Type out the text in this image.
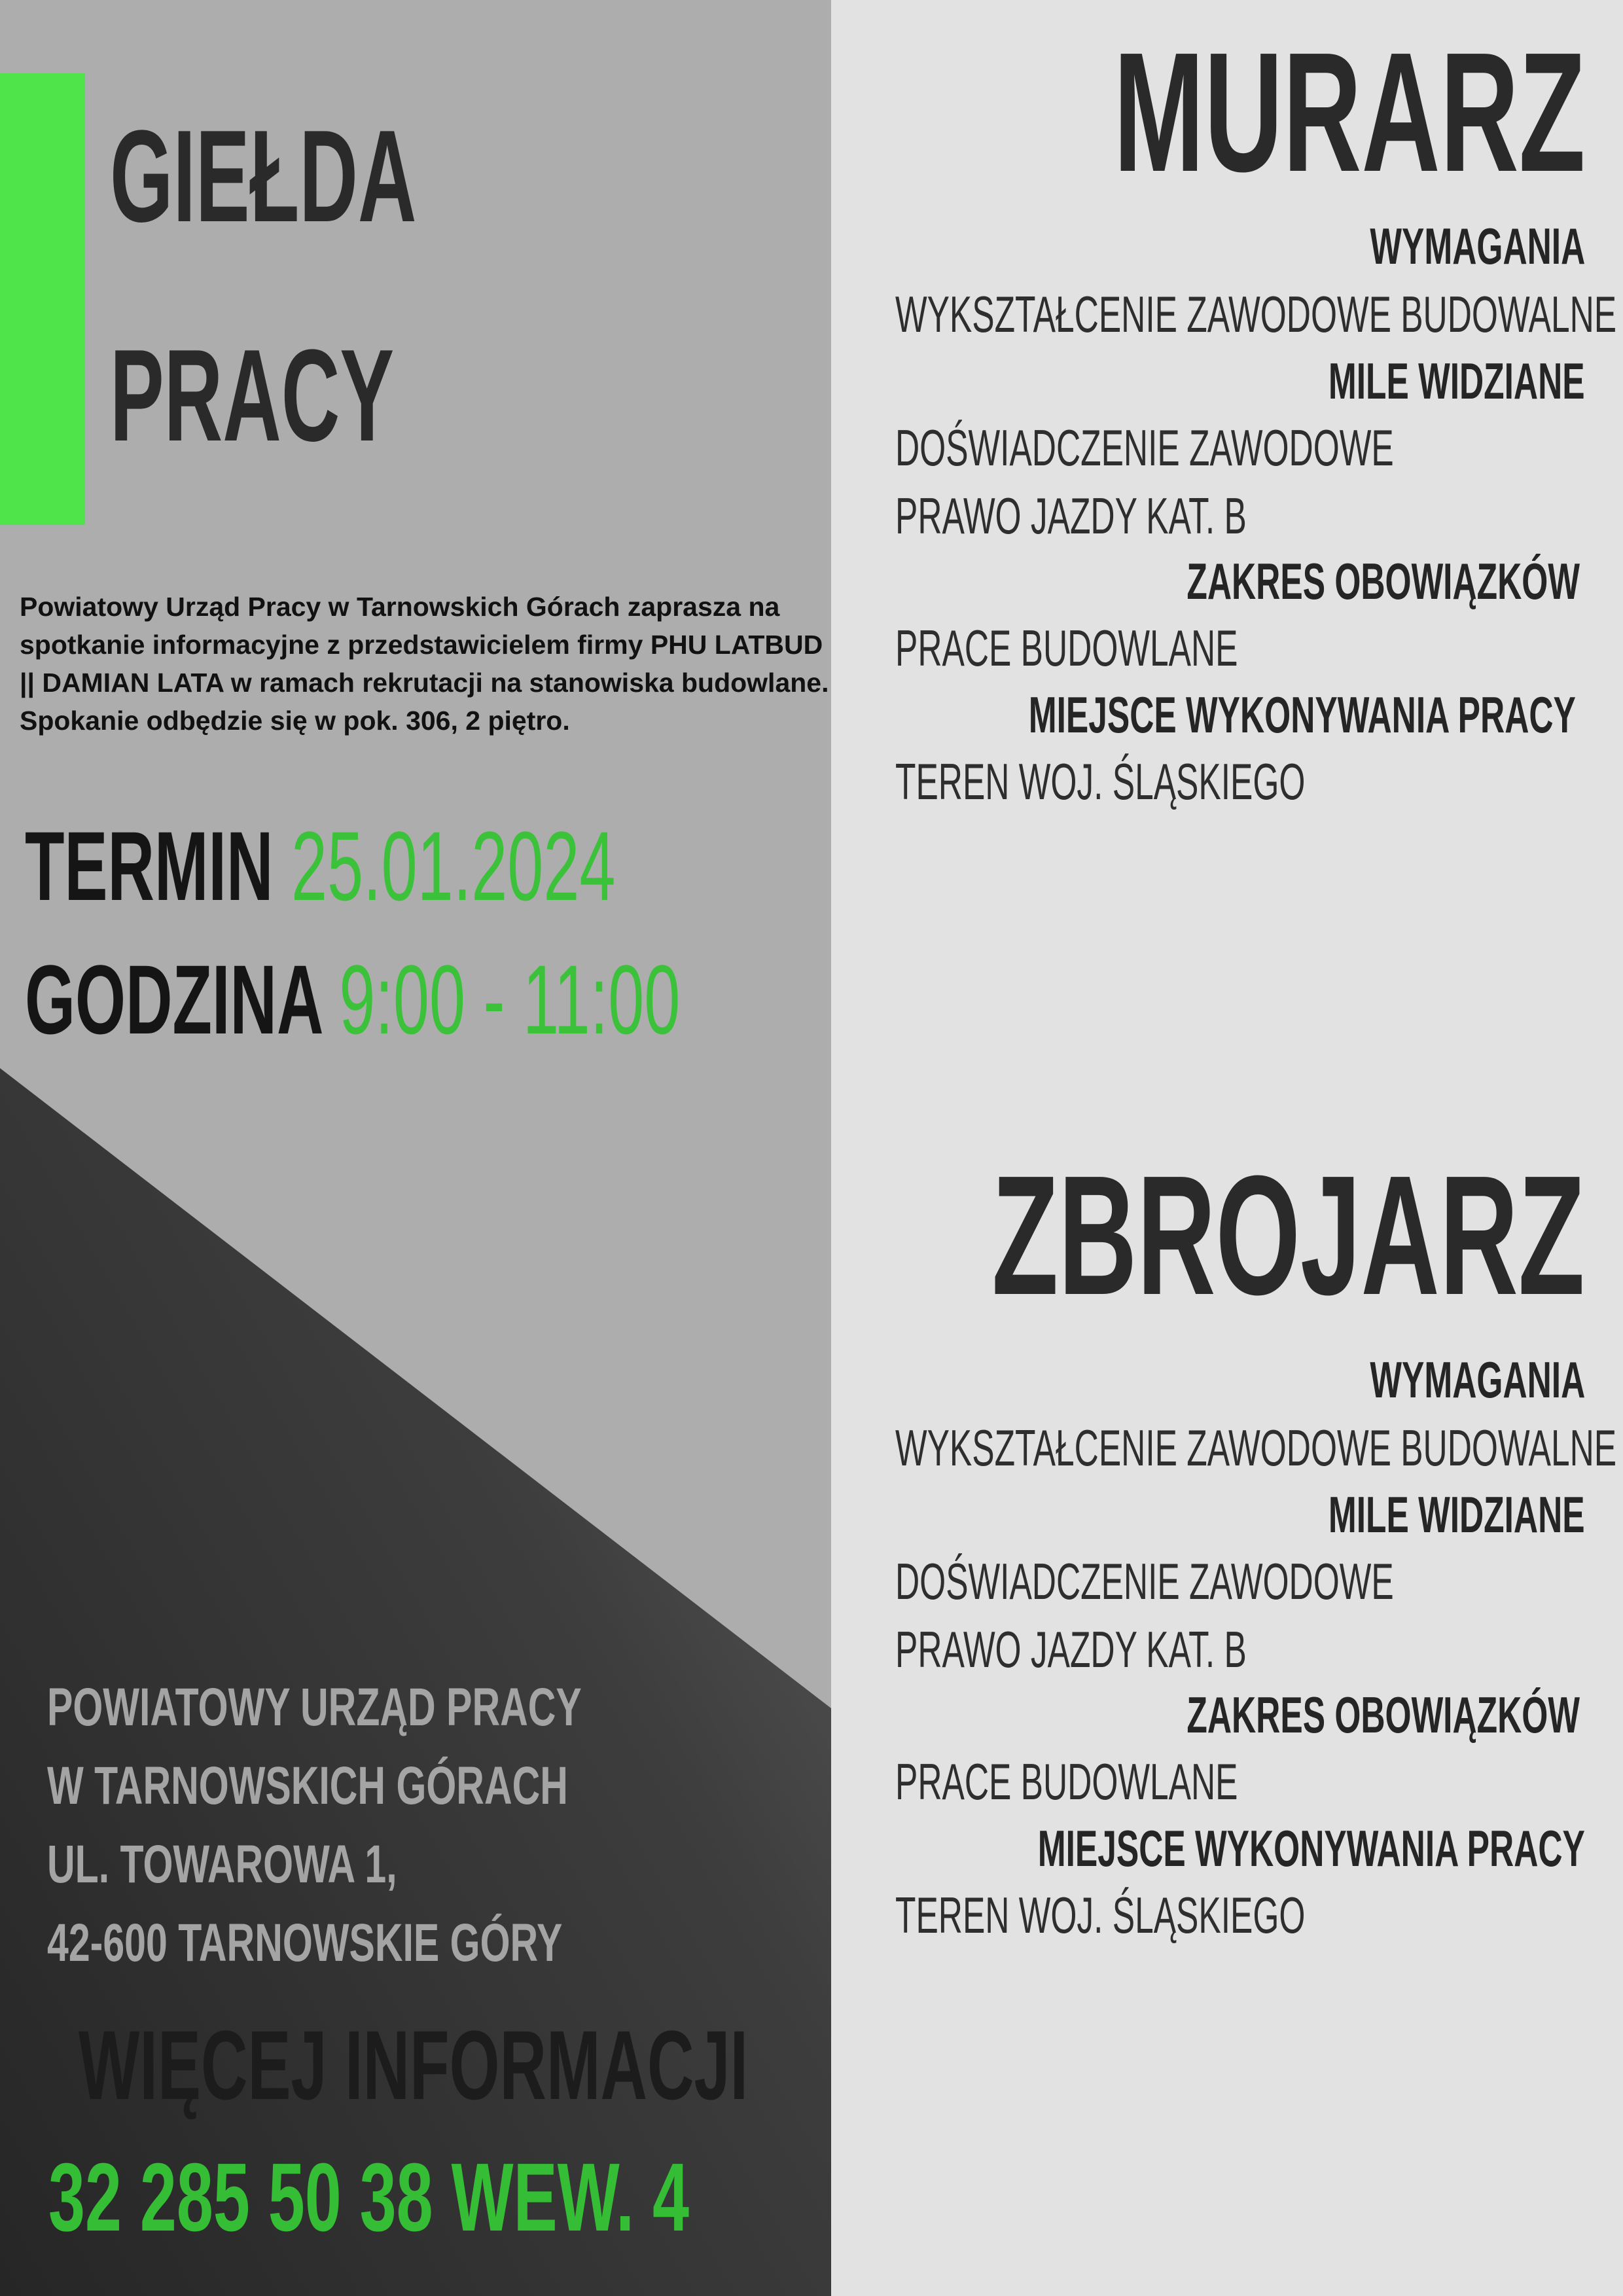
GIEŁDA
PRACY
Powiatowy Urząd Pracy w Tarnowskich Górach zaprasza na spotkanie informacyjne z przedstawicielem firmy PHU LATBUD || DAMIAN LATA w ramach rekrutacji na stanowiska budowlane. Spokanie odbędzie się w pok. 306, 2 piętro.
TERMIN 25.01.2024
GODZINA 9:00 - 11:00
POWIATOWY URZĄD PRACY
W TARNOWSKICH GÓRACH
UL. TOWAROWA 1,
42-600 TARNOWSKIE GÓRY
WIĘCEJ INFORMACJI
32 285 50 38 WEW. 4
MURARZ
WYMAGANIA
WYKSZTAŁCENIE ZAWODOWE BUDOWALNE
MILE WIDZIANE
DOŚWIADCZENIE ZAWODOWE
PRAWO JAZDY KAT. B
ZAKRES OBOWIĄZKÓW
PRACE BUDOWLANE
MIEJSCE WYKONYWANIA PRACY
TEREN WOJ. ŚLĄSKIEGO
ZBROJARZ
WYMAGANIA
WYKSZTAŁCENIE ZAWODOWE BUDOWALNE
MILE WIDZIANE
DOŚWIADCZENIE ZAWODOWE
PRAWO JAZDY KAT. B
ZAKRES OBOWIĄZKÓW
PRACE BUDOWLANE
MIEJSCE WYKONYWANIA PRACY
TEREN WOJ. ŚLĄSKIEGO
